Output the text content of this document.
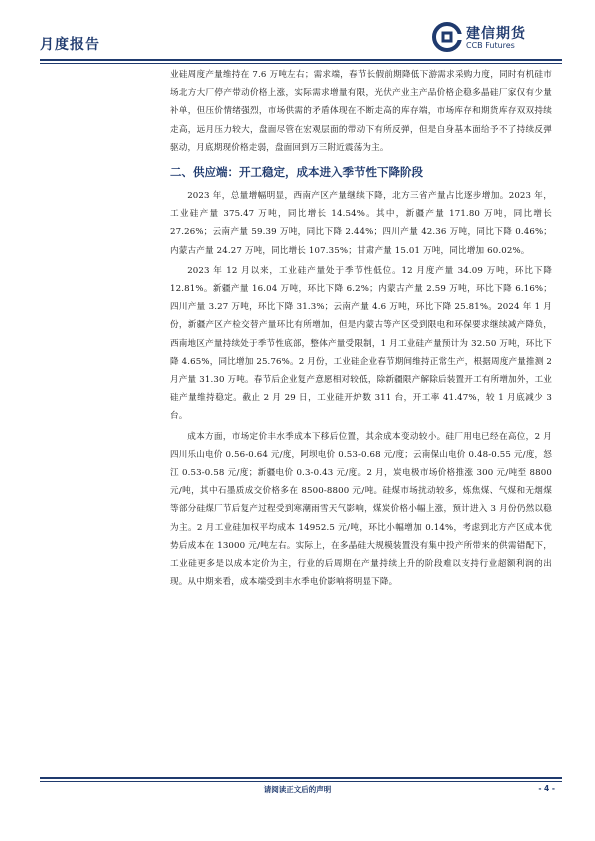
月度报告
建信期货
CCB Futures

业硅周度产量维持在 7.6 万吨左右；需求端，春节长假前期降低下游需求采购力度，同时有机硅市场北方大厂停产带动价格上涨，实际需求增量有限，光伏产业主产品价格企稳多晶硅厂家仅有少量补单，但压价情绪强烈，市场供需的矛盾体现在不断走高的库存端，市场库存和期货库存双双持续走高，远月压力较大，盘面尽管在宏观层面的带动下有所反弹，但是自身基本面给予不了持续反弹驱动，月底期现价格走弱，盘面回到万三附近震荡为主。

二、供应端：开工稳定，成本进入季节性下降阶段

2023 年，总量增幅明显，西南产区产量继续下降，北方三省产量占比逐步增加。2023 年，工业硅产量 375.47 万吨，同比增长 14.54%。其中，新疆产量 171.80 万吨，同比增长 27.26%；云南产量 59.39 万吨，同比下降 2.44%；四川产量 42.36 万吨，同比下降 0.46%；内蒙古产量 24.27 万吨，同比增长 107.35%；甘肃产量 15.01 万吨，同比增加 60.02%。

2023 年 12 月以来，工业硅产量处于季节性低位。12 月度产量 34.09 万吨，环比下降 12.81%。新疆产量 16.04 万吨，环比下降 6.2%；内蒙古产量 2.59 万吨，环比下降 6.16%；四川产量 3.27 万吨，环比下降 31.3%；云南产量 4.6 万吨，环比下降 25.81%。2024 年 1 月份，新疆产区产检交替产量环比有所增加，但是内蒙古等产区受到限电和环保要求继续减产降负，西南地区产量持续处于季节性底部，整体产量受限制，1 月工业硅产量预计为 32.50 万吨，环比下降 4.65%，同比增加 25.76%。2 月份，工业硅企业春节期间维持正常生产，根据周度产量推测 2 月产量 31.30 万吨。春节后企业复产意愿相对较低，除新疆限产解除后装置开工有所增加外，工业硅产量维持稳定。截止 2 月 29 日，工业硅开炉数 311 台，开工率 41.47%，较 1 月底减少 3 台。

成本方面，市场定价丰水季成本下移后位置，其余成本变动较小。硅厂用电已经在高位，2 月四川乐山电价 0.56-0.64 元/度，阿坝电价 0.53-0.68 元/度；云南保山电价 0.48-0.55 元/度，怒江 0.53-0.58 元/度；新疆电价 0.3-0.43 元/度。2 月，炭电极市场价格推涨 300 元/吨至 8800 元/吨，其中石墨质成交价格多在 8500-8800 元/吨。硅煤市场扰动较多，炼焦煤、气煤和无烟煤等部分硅煤厂节后复产过程受到寒潮雨雪天气影响，煤炭价格小幅上涨，预计进入 3 月份仍然以稳为主。2 月工业硅加权平均成本 14952.5 元/吨，环比小幅增加 0.14%，考虑到北方产区成本优势后成本在 13000 元/吨左右。实际上，在多晶硅大规模装置没有集中投产所带来的供需错配下，工业硅更多是以成本定价为主，行业的后周期在产量持续上升的阶段难以支持行业超额利润的出现。从中期来看，成本端受到丰水季电价影响将明显下降。

请阅读正文后的声明	- 4 -
